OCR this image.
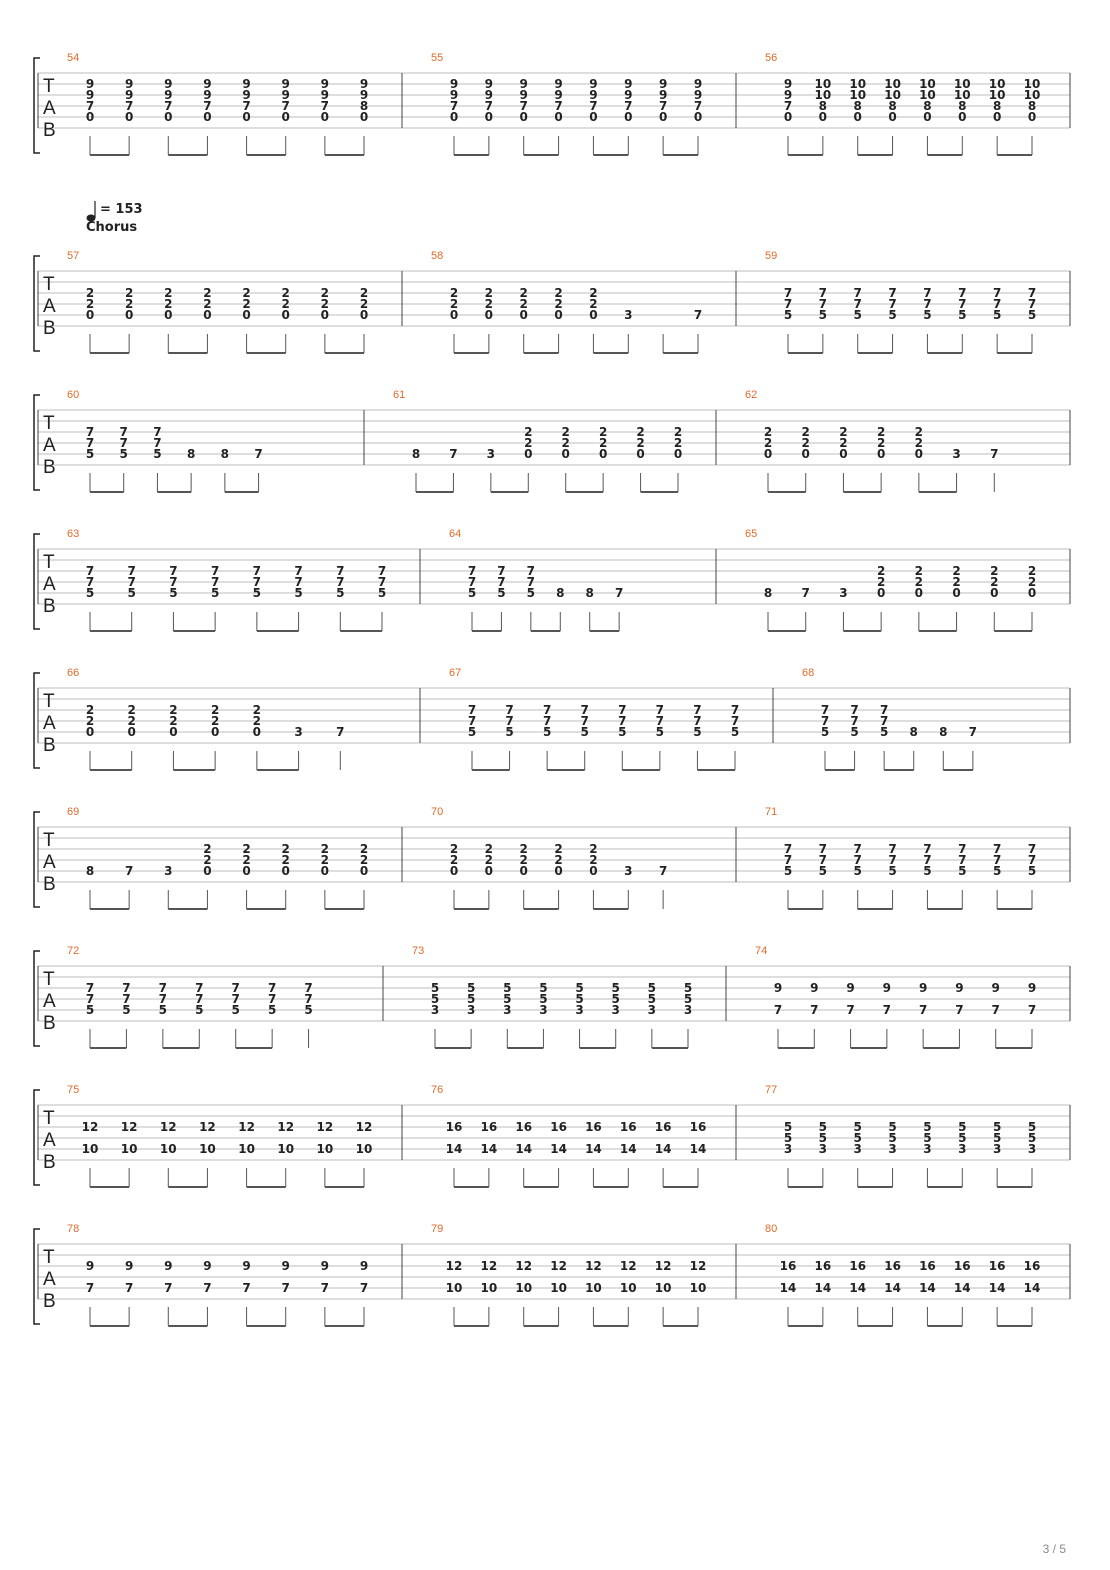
= 153
Chorus
T
A
B
54
9
9
7
0
9
9
7
0
9
9
7
0
9
9
7
0
9
9
7
0
9
9
7
0
9
9
7
0
9
9
8
0
55
9
9
7
0
9
9
7
0
9
9
7
0
9
9
7
0
9
9
7
0
9
9
7
0
9
9
7
0
9
9
7
0
56
9
9
7
0
10
10
8
0
10
10
8
0
10
10
8
0
10
10
8
0
10
10
8
0
10
10
8
0
10
10
8
0
T
A
B
57
2
2
0
2
2
0
2
2
0
2
2
0
2
2
0
2
2
0
2
2
0
2
2
0
58
2
2
0
2
2
0
2
2
0
2
2
0
2
2
0 3	7
59
7
7
5
7
7
5
7
7
5
7
7
5
7
7
5
7
7
5
7
7
5
7
7
5
T
A
B
60
7
7
5
7
7
5
7
7
5 8 8 7
61
8 7 3
2
2
0
2
2
0
2
2
0
2
2
0
2
2
0
62
2
2
0
2
2
0
2
2
0
2
2
0
2
2
0 3 7
T
A
B
63
7
7
5
7
7
5
7
7
5
7
7
5
7
7
5
7
7
5
7
7
5
7
7
5
64
7
7
5
7
7
5
7
7
5 8 8 7
65
8 7 3
2
2
0
2
2
0
2
2
0
2
2
0
2
2
0
T
A
B
66
2
2
0
2
2
0
2
2
0
2
2
0
2
2
0	3	7
67
7
7
5
7
7
5
7
7
5
7
7
5
7
7
5
7
7
5
7
7
5
7
7
5
68
7
7
5
7
7
5
7
7
5 8 8 7
T
A
B
69
8	7	3
2
2
0
2
2
0
2
2
0
2
2
0
2
2
0
70
2
2
0
2
2
0
2
2
0
2
2
0
2
2
0 3 7
71
7
7
5
7
7
5
7
7
5
7
7
5
7
7
5
7
7
5
7
7
5
7
7
5
T
A
B
72
7
7
5
7
7
5
7
7
5
7
7
5
7
7
5
7
7
5
7
7
5
73
5
5
3
5
5
3
5
5
3
5
5
3
5
5
3
5
5
3
5
5
3
5
5
3
74
9
7
9
7
9
7
9
7
9
7
9
7
9
7
9
7
T
A
B
75
12
10
12
10
12
10
12
10
12
10
12
10
12
10
12
10
76
16
14
16
14
16
14
16
14
16
14
16
14
16
14
16
14
77
5
5
3
5
5
3
5
5
3
5
5
3
5
5
3
5
5
3
5
5
3
5
5
3
T
A
B
78
9
7
9
7
9
7
9
7
9
7
9
7
9
7
9
7
79
12
10
12
10
12
10
12
10
12
10
12
10
12
10
12
10
80
16
14
16
14
16
14
16
14
16
14
16
14
16
14
16
14
3 / 5
